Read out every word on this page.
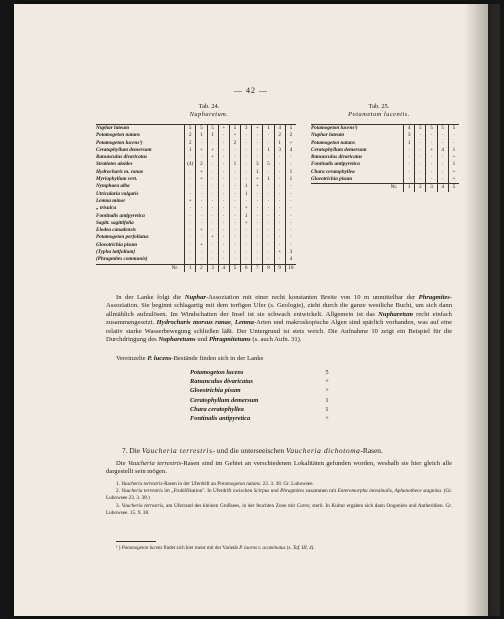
— 42 —
Tab. 24.
Nupharetum.
Nuphar luteum	5	5	5	+	5	3	+	1	4	5
Potamogeton natans	2	1	1	·	+	·	·	·	2	2
Potamogeton lucens¹)	2	·	·	·	2	·	·	·	1	+
Ceratophyllum demersum	1	+	+	·	·	·	·	1	3	4
Ranunculus divaricatus	·	·	+	·	·	·	·	·	·	·
Stratiotes aloides	(4)	2	·	·	1	·	3	5	·	·
Hydrocharis m. ranae	·	+	·	·	·	·	1	·	·	1
Myriophyllum vert.	·	+	·	·	·	·	+	1	·	1
Nymphaea alba	·	·	·	·	·	1	+	·	·	·
Utricularia vulgaris	·	·	·	·	·	1	·	·	·	·
Lemna minor	+	·	·	·	·	·	·	·	·	·
„ trisulca	·	·	·	·	·	+	·	·	·	·
Fontinalis antipyretica	·	·	·	·	·	1	·	·	·	·
Sagitt. sagittifolia	·	·	·	·	·	+	·	·	·	·
Elodea canadensis	·	+	·	·	·	·	·	·	·	·
Potamogeton perfoliatus	·	·	+	·	·	·	·	·	·	·
Gloeotrichia pisum	·	+	·	·	·	·	·	·	·	·
(Typha latifolium)	·	·	·	·	·	·	·	·	+	3
(Phragmites communis)	·	·	·	·	·	·	·	·	·	4
Nr.	1	2	3	4	5	6	7	8	9	10
Tab. 25.
Potametum lucentis.
Potamogeton lucens¹)	4	5	5	5	5
Nuphar luteum	3	·	·	·	·
Potamogeton natans	1	·	·	·	·
Ceratophyllum demersum	·	·	+	4	1
Ranunculus divaricatus	·	·	·	·	+
Fontinalis antipyretica	·	·	·	·	1
Chara ceratophyllea	·	·	·	·	+
Gloeotrichia pisum	·	·	·	·	+
Nr.	1	2	3	4	5

In der Lanke folgt die Nuphar-Assoziation mit einer recht konstanten Breite von 10 m unmittelbar der Phragmites-Assoziation. Sie beginnt schlagartig mit dem torfigen Ufer (s. Geologie), zieht durch die ganze westliche Bucht, um sich dann allmählich aufzulösen. Im Windschatten der Insel ist sie schwach entwickelt. Allgemein ist das Nupharetum recht einfach zusammengesetzt. Hydrocharis morsus ranae, Lemna-Arten und makroskopische Algen sind spärlich vorhanden, was auf eine relativ starke Wasserbewegung schließen läßt. Der Untergrund ist stets weich. Die Aufnahme 10 zeigt ein Beispiel für die Durchdringung des Nupharetums und Phragmitetums (s. auch Aufn. 31).

Vereinzelte P. lucens-Bestände finden sich in der Lanke

Potamogeton lucens	5
Ranunculus divaricatus	+
Gloeotrichia pisum	+
Ceratophyllum demersum	1
Chara ceratophyllea	1
Fontinalis antipyretica	+
7. Die Vaucheria terrestris- und die unterseeischen Vaucheria dichotoma-Rasen.

Die Vaucheria terrestris-Rasen sind im Gebiet an verschiedenen Lokalitäten gefunden worden, weshalb sie hier gleich alle dargestellt sein mögen.

1. Vaucheria terrestris-Rasen in der Uferdrift an Potamogeton natans. 22. 3. 38. Gr. Lubowsee.

2. Vaucheria terrestris im „Fruhlifikation". In Uferdrift zwischen Scirpus und Phragmites zusammen mit Enteromorpha intestinalis, Aphanothece stagnina. (Gr. Lubowsee 23. 3. 38.)

3. Vaucheria terrestris, am Uferrand des kleinen Großsees, in der feuchten Zone mit Carex; steril. In Kultur ergaben sich dann Oogonien und Antheridien. Gr. Lubowsee. 15. 9. 38.

¹ ) Potamogeton lucens findet sich hier meist mit der Varietät P. lucens v. acuminatus (s. Taf. III, 4).
